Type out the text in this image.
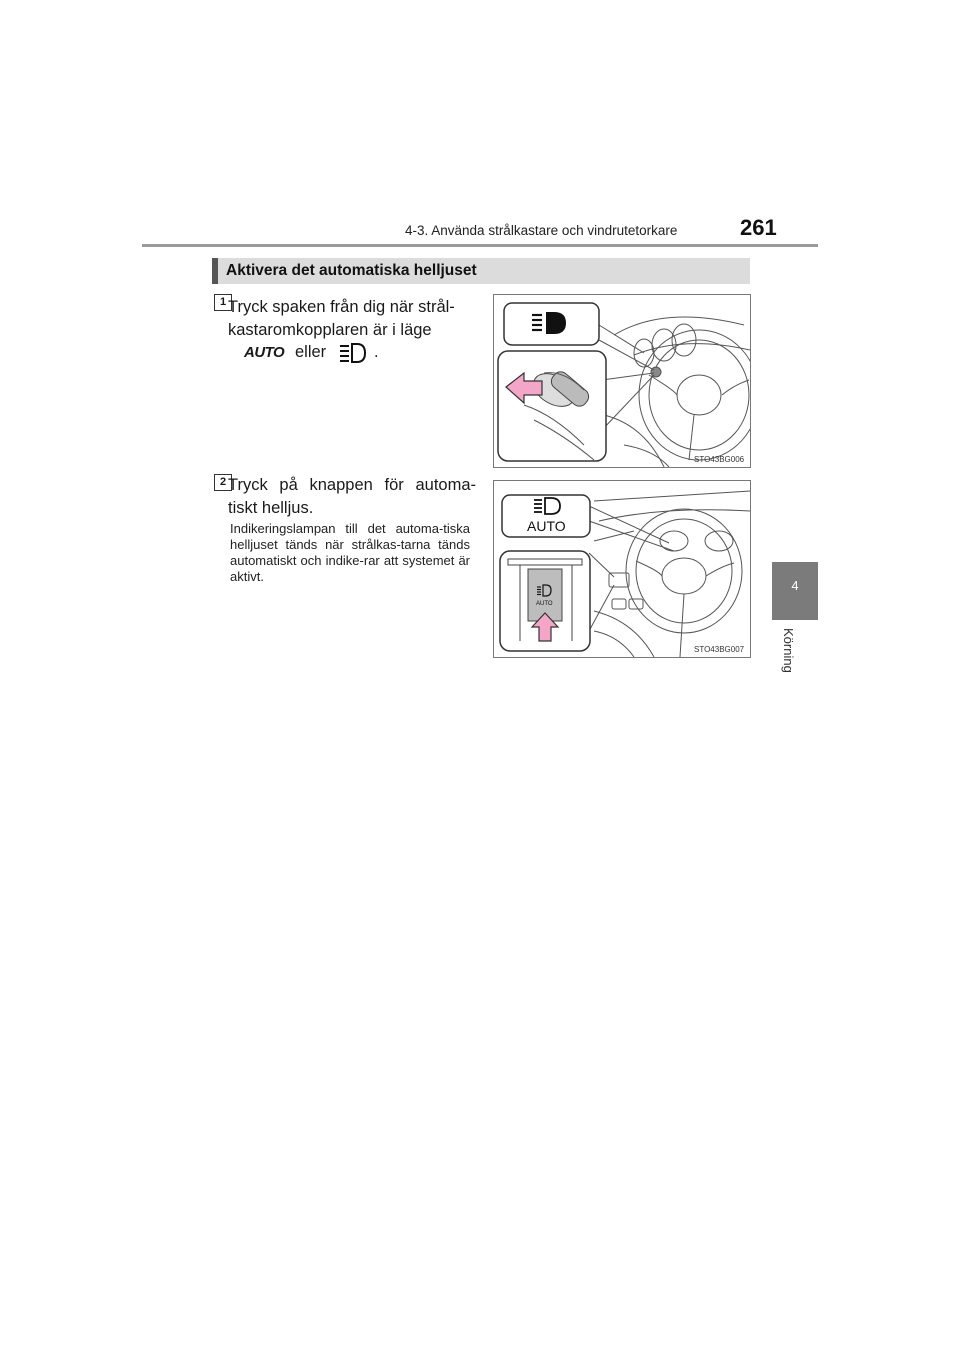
4-3. Använda strålkastare och vindrutetorkare	261
4
Körning
Aktivera det automatiska helljuset
1 Tryck spaken från dig när strål-
kastaromkopplaren är i läge
AUTO eller	.
STO43BG006
2 Tryck på knappen för automa-tiskt helljus.
Indikeringslampan till det automa-tiska helljuset tänds när strålkas-tarna tänds automatiskt och indike-rar att systemet är aktivt.
AUTO
AUTO
STO43BG007
